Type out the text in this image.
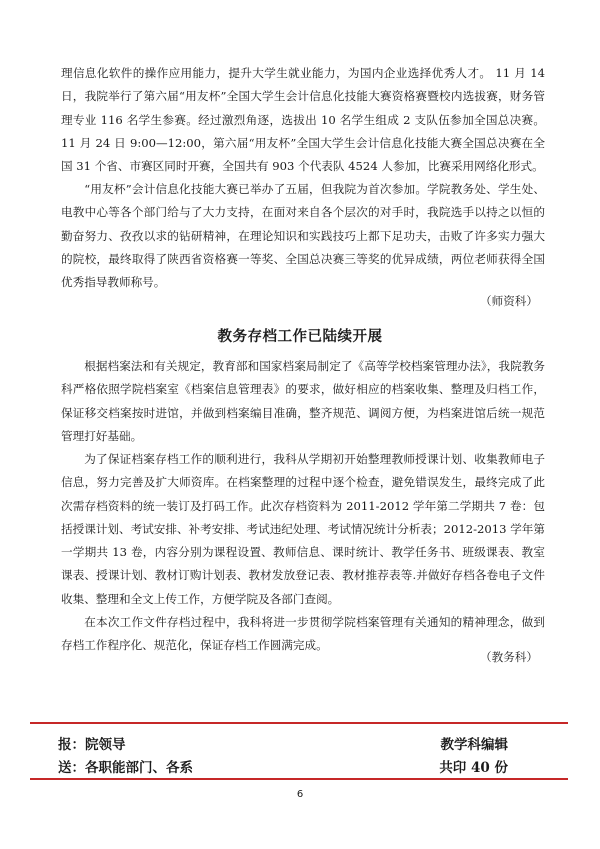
理信息化软件的操作应用能力，提升大学生就业能力，为国内企业选择优秀人才。 11 月 14 日，我院举行了第六届“用友杯”全国大学生会计信息化技能大赛资格赛暨校内选拔赛，财务管理专业 116 名学生参赛。经过激烈角逐，选拔出 10 名学生组成 2 支队伍参加全国总决赛。11 月 24 日 9:00—12:00，第六届“用友杯”全国大学生会计信息化技能大赛全国总决赛在全国 31 个省、市赛区同时开赛，全国共有 903 个代表队 4524 人参加，比赛采用网络化形式。
“用友杯”会计信息化技能大赛已举办了五届，但我院为首次参加。学院教务处、学生处、电教中心等各个部门给与了大力支持，在面对来自各个层次的对手时，我院选手以持之以恒的勤奋努力、孜孜以求的钻研精神，在理论知识和实践技巧上都下足功夫，击败了许多实力强大的院校，最终取得了陕西省资格赛一等奖、全国总决赛三等奖的优异成绩，两位老师获得全国优秀指导教师称号。
（师资科）
教务存档工作已陆续开展
根据档案法和有关规定，教育部和国家档案局制定了《高等学校档案管理办法》，我院教务科严格依照学院档案室《档案信息管理表》的要求，做好相应的档案收集、整理及归档工作，保证移交档案按时进馆，并做到档案编目准确，整齐规范、调阅方便，为档案进馆后统一规范管理打好基础。
为了保证档案存档工作的顺利进行，我科从学期初开始整理教师授课计划、收集教师电子信息，努力完善及扩大师资库。在档案整理的过程中逐个检查，避免错误发生，最终完成了此次需存档资料的统一装订及打码工作。此次存档资料为 2011-2012 学年第二学期共 7 卷：包括授课计划、考试安排、补考安排、考试违纪处理、考试情况统计分析表；2012-2013 学年第一学期共 13 卷，内容分别为课程设置、教师信息、课时统计、教学任务书、班级课表、教室课表、授课计划、教材订购计划表、教材发放登记表、教材推荐表等.并做好存档各卷电子文件收集、整理和全文上传工作，方便学院及各部门查阅。
在本次工作文件存档过程中，我科将进一步贯彻学院档案管理有关通知的精神理念，做到存档工作程序化、规范化，保证存档工作圆满完成。
（教务科）
报：院领导
送：各职能部门、各系
教学科编辑
共印 40 份
6
